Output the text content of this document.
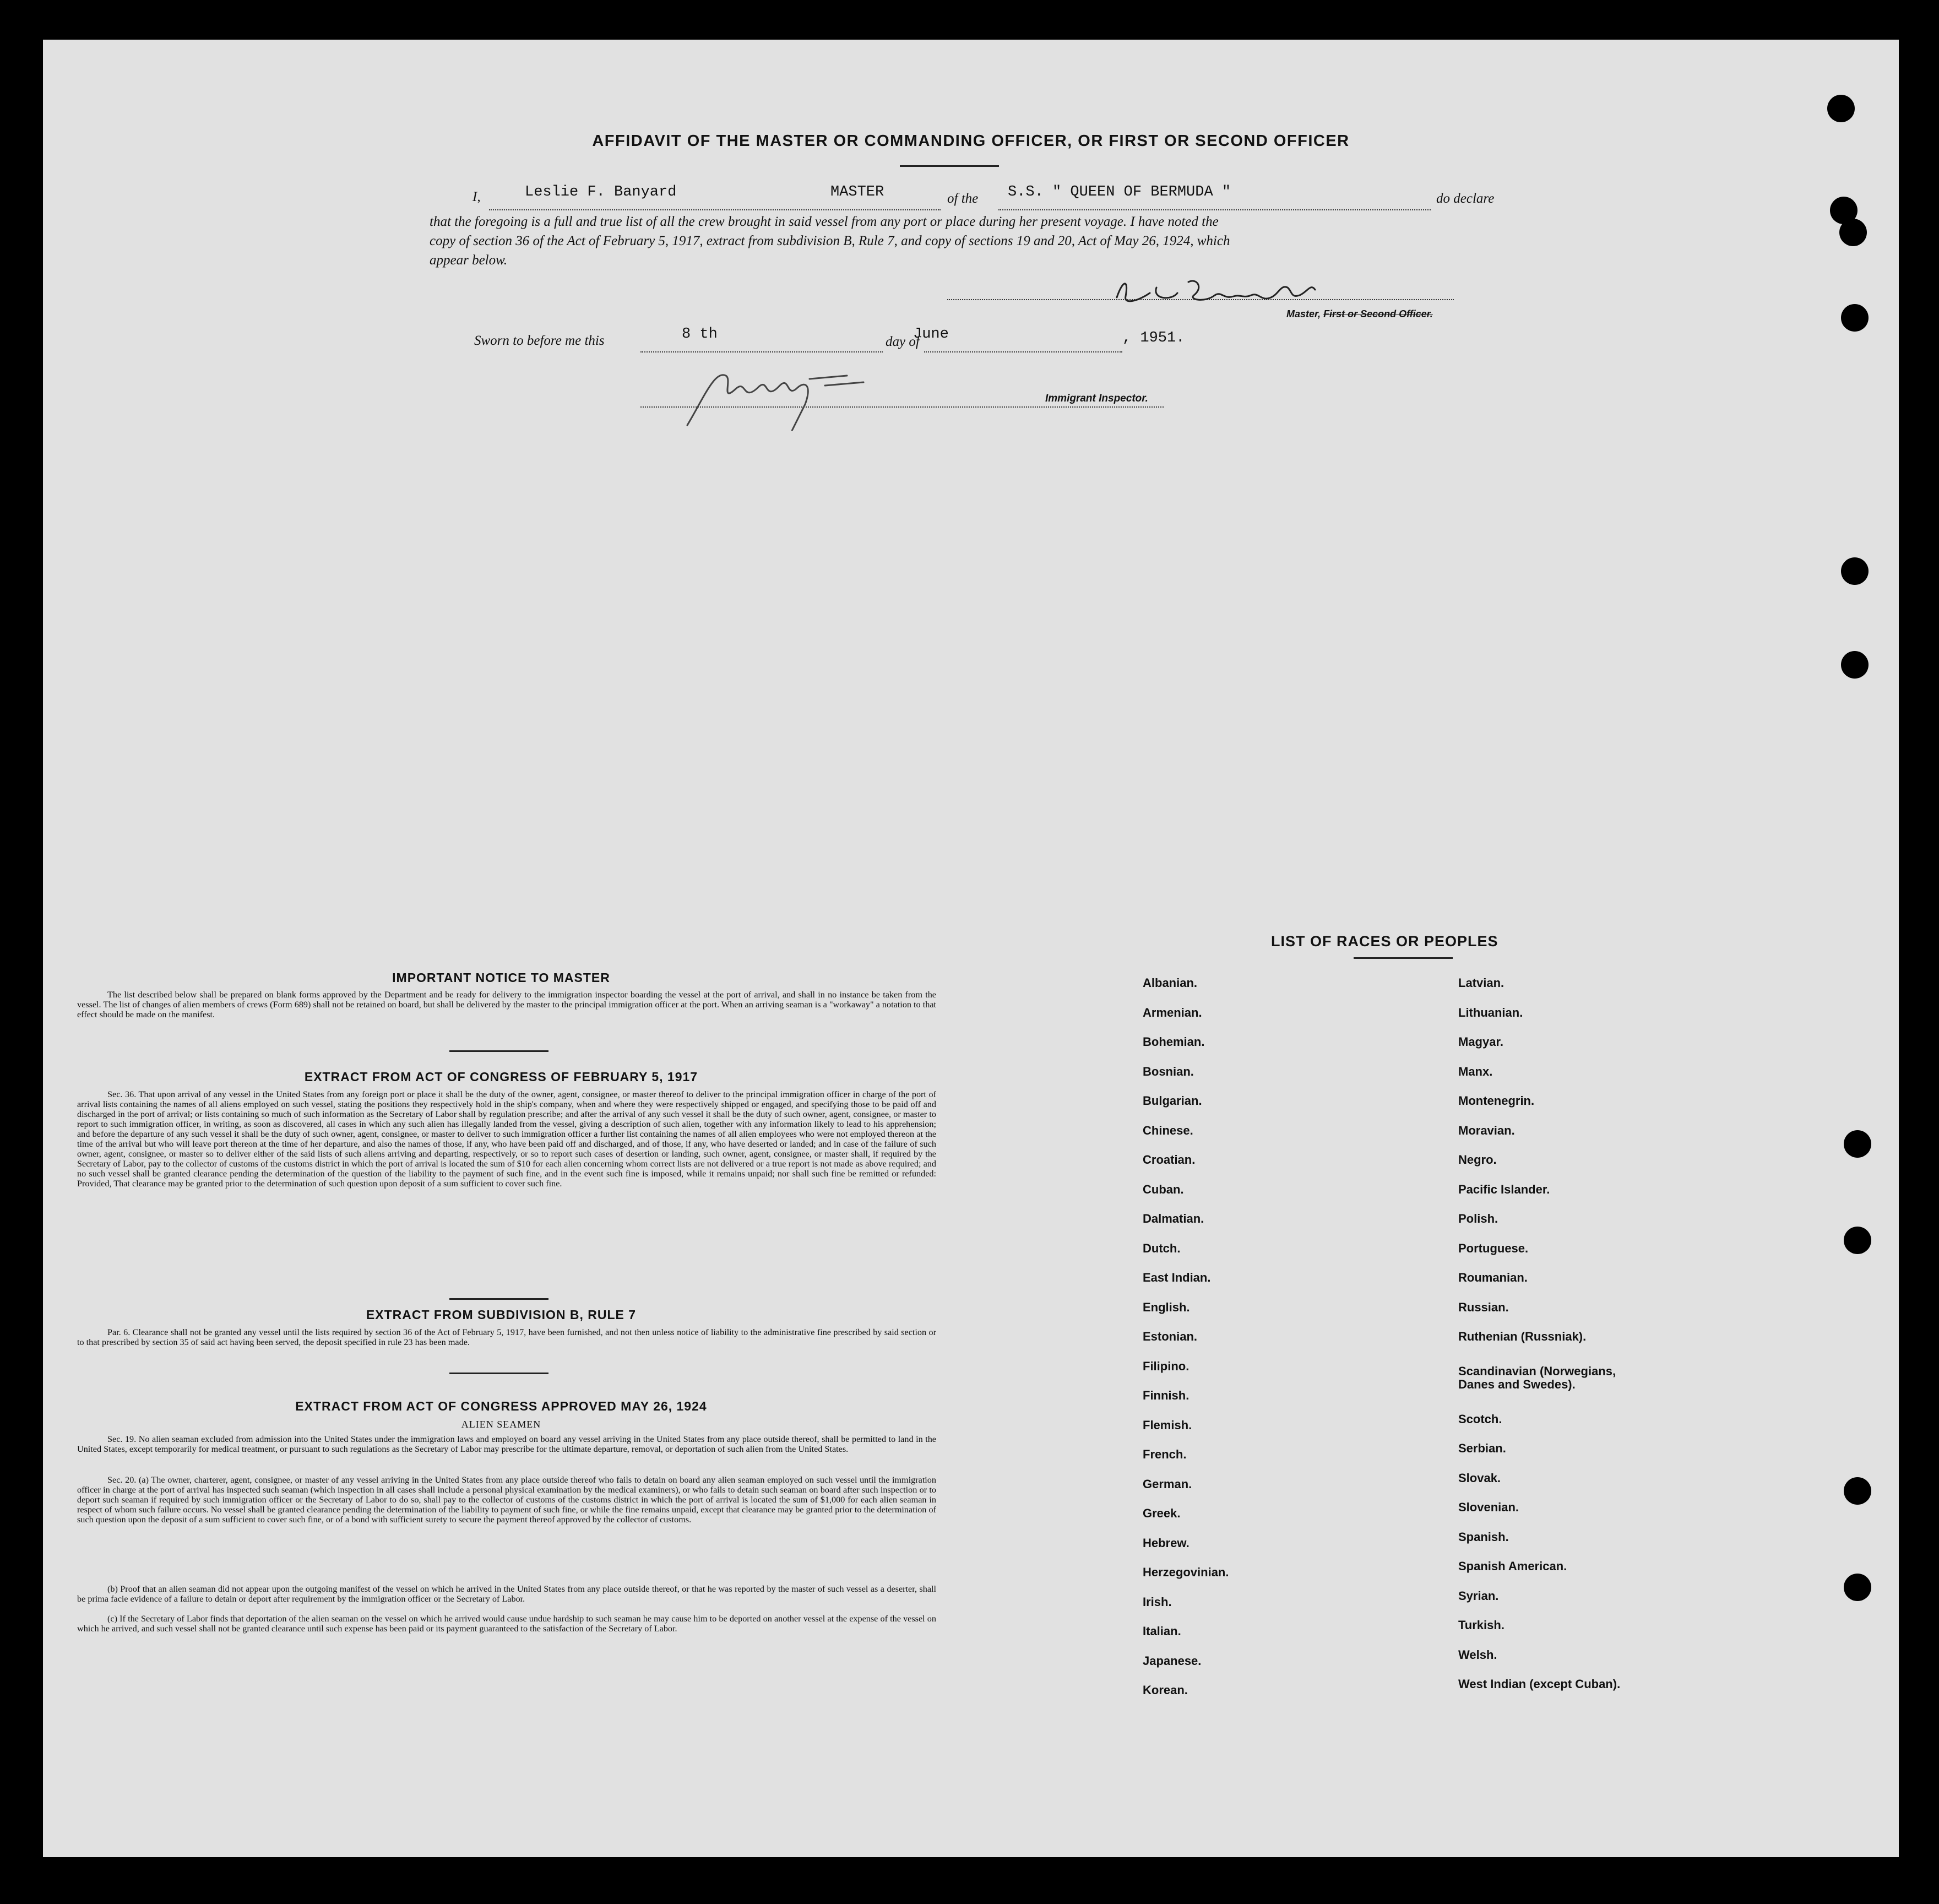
AFFIDAVIT OF THE MASTER OR COMMANDING OFFICER, OR FIRST OR SECOND OFFICER
I,	Leslie F. Banyard	MASTER	of the S.S. " QUEEN OF BERMUDA "	do declare
that the foregoing is a full and true list of all the crew brought in said vessel from any port or place during her present voyage. I have noted the
copy of section 36 of the Act of February 5, 1917, extract from subdivision B, Rule 7, and copy of sections 19 and 20, Act of May 26, 1924, which
appear below.
Master, First or Second Officer.
Sworn to before me this	8 th	day of
June	, 1951.
Immigrant Inspector.
IMPORTANT NOTICE TO MASTER
The list described below shall be prepared on blank forms approved by the Department and be ready for delivery to the immigration inspector boarding the vessel at the port of arrival, and shall in no instance be taken from the vessel. The list of changes of alien members of crews (Form 689) shall not be retained on board, but shall be delivered by the master to the principal immigration officer at the port. When an arriving seaman is a "workaway" a notation to that effect should be made on the manifest.
EXTRACT FROM ACT OF CONGRESS OF FEBRUARY 5, 1917
Sec. 36. That upon arrival of any vessel in the United States from any foreign port or place it shall be the duty of the owner, agent, consignee, or master thereof to deliver to the principal immigration officer in charge of the port of arrival lists containing the names of all aliens employed on such vessel, stating the positions they respectively hold in the ship's company, when and where they were respectively shipped or engaged, and specifying those to be paid off and discharged in the port of arrival; or lists containing so much of such information as the Secretary of Labor shall by regulation prescribe; and after the arrival of any such vessel it shall be the duty of such owner, agent, consignee, or master to report to such immigration officer, in writing, as soon as discovered, all cases in which any such alien has illegally landed from the vessel, giving a description of such alien, together with any information likely to lead to his apprehension; and before the departure of any such vessel it shall be the duty of such owner, agent, consignee, or master to deliver to such immigration officer a further list containing the names of all alien employees who were not employed thereon at the time of the arrival but who will leave port thereon at the time of her departure, and also the names of those, if any, who have been paid off and discharged, and of those, if any, who have deserted or landed; and in case of the failure of such owner, agent, consignee, or master so to deliver either of the said lists of such aliens arriving and departing, respectively, or so to report such cases of desertion or landing, such owner, agent, consignee, or master shall, if required by the Secretary of Labor, pay to the collector of customs of the customs district in which the port of arrival is located the sum of $10 for each alien concerning whom correct lists are not delivered or a true report is not made as above required; and no such vessel shall be granted clearance pending the determination of the question of the liability to the payment of such fine, and in the event such fine is imposed, while it remains unpaid; nor shall such fine be remitted or refunded: Provided, That clearance may be granted prior to the determination of such question upon deposit of a sum sufficient to cover such fine.
EXTRACT FROM SUBDIVISION B, RULE 7
Par. 6. Clearance shall not be granted any vessel until the lists required by section 36 of the Act of February 5, 1917, have been furnished, and not then unless notice of liability to the administrative fine prescribed by said section or to that prescribed by section 35 of said act having been served, the deposit specified in rule 23 has been made.
EXTRACT FROM ACT OF CONGRESS APPROVED MAY 26, 1924
ALIEN SEAMEN
Sec. 19. No alien seaman excluded from admission into the United States under the immigration laws and employed on board any vessel arriving in the United States from any place outside thereof, shall be permitted to land in the United States, except temporarily for medical treatment, or pursuant to such regulations as the Secretary of Labor may prescribe for the ultimate departure, removal, or deportation of such alien from the United States.
Sec. 20. (a) The owner, charterer, agent, consignee, or master of any vessel arriving in the United States from any place outside thereof who fails to detain on board any alien seaman employed on such vessel until the immigration officer in charge at the port of arrival has inspected such seaman (which inspection in all cases shall include a personal physical examination by the medical examiners), or who fails to detain such seaman on board after such inspection or to deport such seaman if required by such immigration officer or the Secretary of Labor to do so, shall pay to the collector of customs of the customs district in which the port of arrival is located the sum of $1,000 for each alien seaman in respect of whom such failure occurs. No vessel shall be granted clearance pending the determination of the liability to payment of such fine, or while the fine remains unpaid, except that clearance may be granted prior to the determination of such question upon the deposit of a sum sufficient to cover such fine, or of a bond with sufficient surety to secure the payment thereof approved by the collector of customs.
(b) Proof that an alien seaman did not appear upon the outgoing manifest of the vessel on which he arrived in the United States from any place outside thereof, or that he was reported by the master of such vessel as a deserter, shall be prima facie evidence of a failure to detain or deport after requirement by the immigration officer or the Secretary of Labor.
(c) If the Secretary of Labor finds that deportation of the alien seaman on the vessel on which he arrived would cause undue hardship to such seaman he may cause him to be deported on another vessel at the expense of the vessel on which he arrived, and such vessel shall not be granted clearance until such expense has been paid or its payment guaranteed to the satisfaction of the Secretary of Labor.
LIST OF RACES OR PEOPLES
Albanian.
Armenian.
Bohemian.
Bosnian.
Bulgarian.
Chinese.
Croatian.
Cuban.
Dalmatian.
Dutch.
East Indian.
English.
Estonian.
Filipino.
Finnish.
Flemish.
French.
German.
Greek.
Hebrew.
Herzegovinian.
Irish.
Italian.
Japanese.
Korean.
Latvian.
Lithuanian.
Magyar.
Manx.
Montenegrin.
Moravian.
Negro.
Pacific Islander.
Polish.
Portuguese.
Roumanian.
Russian.
Ruthenian (Russniak).
Scandinavian (Norwegians, Danes and Swedes).
Scotch.
Serbian.
Slovak.
Slovenian.
Spanish.
Spanish American.
Syrian.
Turkish.
Welsh.
West Indian (except Cuban).
